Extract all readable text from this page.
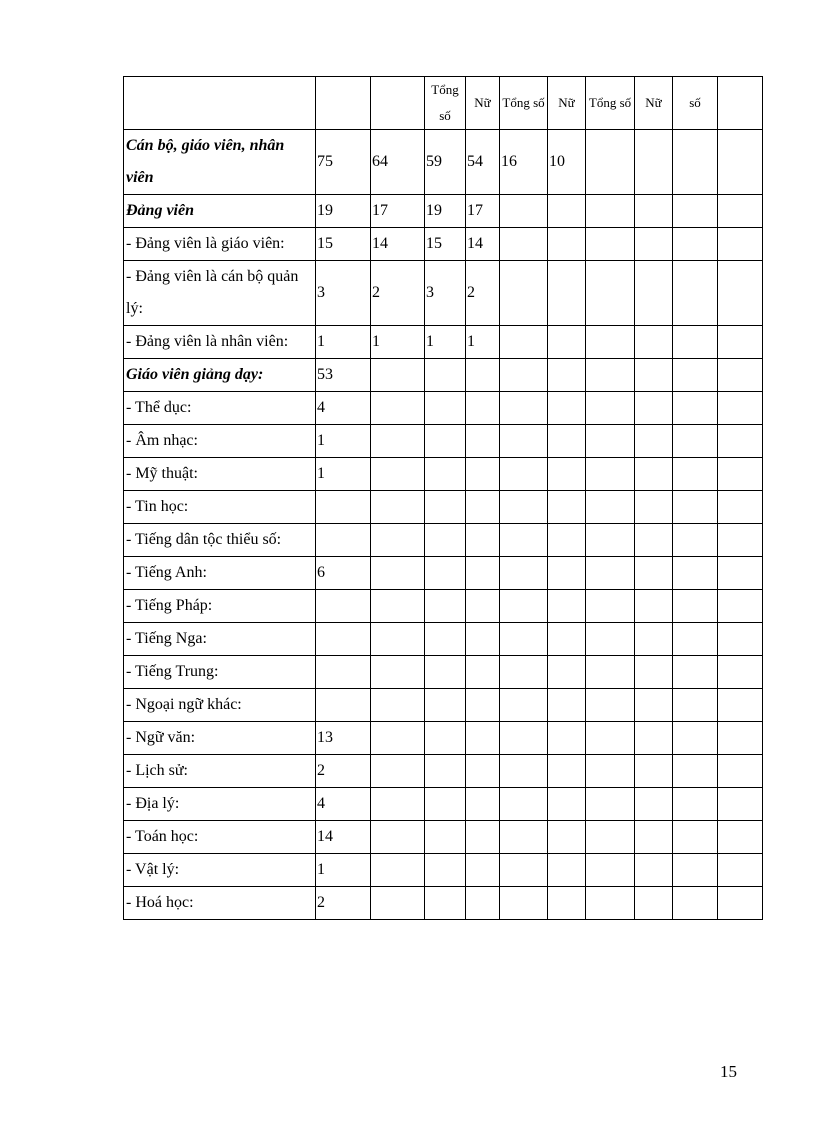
			Tổng số	Nữ	Tổng số	Nữ	Tổng số	Nữ	số	
Cán bộ, giáo viên, nhân viên	75	64	59	54	16	10				
Đảng viên	19	17	19	17						
- Đảng viên là giáo viên:	15	14	15	14						
- Đảng viên là cán bộ quản lý:	3	2	3	2						
- Đảng viên là nhân viên:	1	1	1	1						
Giáo viên giảng dạy:	53									
- Thể dục:	4									
- Âm nhạc:	1									
- Mỹ thuật:	1									
- Tin học:										
- Tiếng dân tộc thiểu số:										
- Tiếng Anh:	6									
- Tiếng Pháp:										
- Tiếng Nga:										
- Tiếng Trung:										
- Ngoại ngữ khác:										
- Ngữ văn:	13									
- Lịch sử:	2									
- Địa lý:	4									
- Toán học:	14									
- Vật lý:	1									
- Hoá học:	2									
15
